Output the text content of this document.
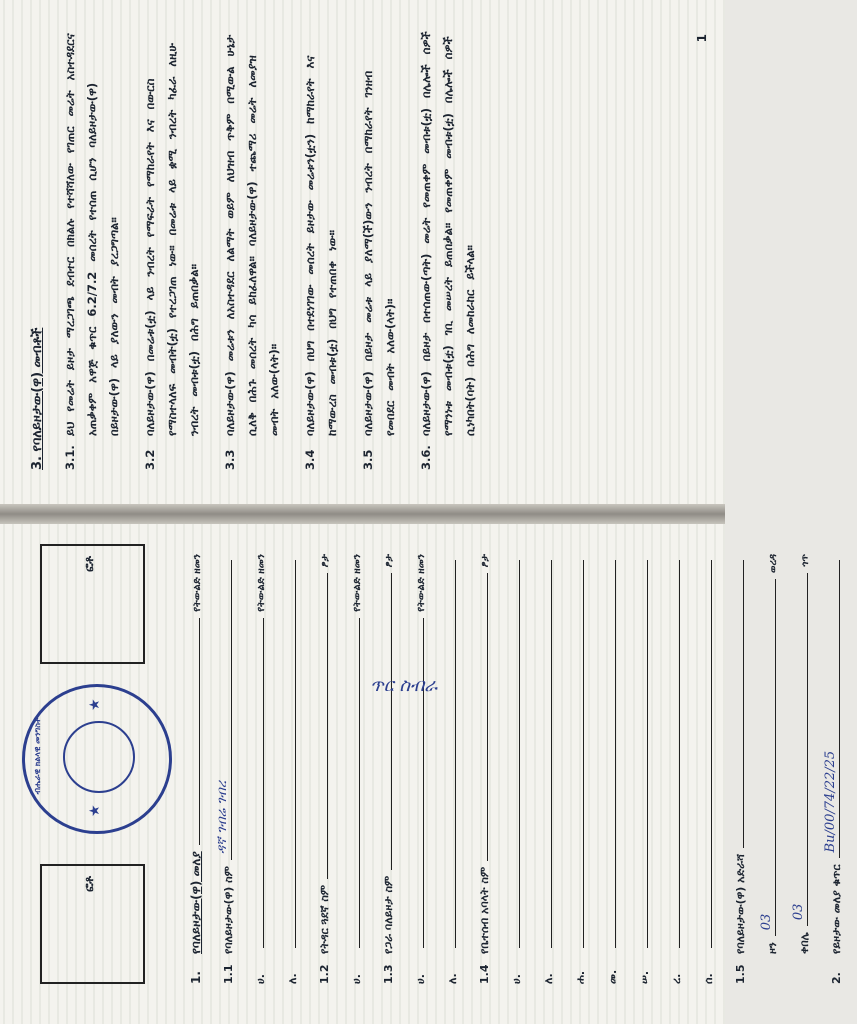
ፎቶ
ብሔራዊ ክልላዊ መንግስት
★
★
ፎቶ
1.
የባለይዞታው(ዋ) መለያ
የትውልድ ዘመን
1.1
የባለይዞታው(ዋ) ስም
ዳኛ ገብሬ ገብረ
ሀ.
የትውልድ ዘመን
ለ. 1.2
የትዳር ጓደኛ ስም
ፆታ
ሀ.
የትውልድ ዘመን
1.3
የጋራ ባለይዞታ ስም
ፆታ
ሀ.
የትውልድ ዘመን
ለ. 1.4
የቤተሰብ አባላት ስም
ፆታ
ሀ. ለ. ሐ. መ. ሠ. ረ. ሰ. 1.5
የባለይዞታው(ዋ) አድራሻ ዞን
03
ወረዳ
ቀበሌ
03
ጎጥ
2.
የይዞታው መለያ ቁጥር
Bu/00/74/22/25
3. የባለይዞታው(ዋ) መብቶች	3.1.
ይህ የመሬት ይዞታ ማረጋገጫ ደብተር በክልሉ የተሻሻለው የገጠር መሬት አስተዳደርና አጠቃቀም አዋጅ ቁጥር 6.2/7.2 መሰረት የተሰጠ ሲሆን ባለይዞታው(ዋ) በይዞታው(ዋ) ላይ ያለውን መብት ያረጋግጣል።
3.2
ባለይዞታው(ዋ) በመሬቱ(ቷ) ላይ ንብረት የማፍራት የማከራየት እና በውርስ የማስተላለፍ መብት(ቷ) የተረጋገጠ ነው። በመሬቱ ላይ ቋሚ ንብረት ካፈራ ለዚሁ ንብረት መብቱ(ቷ) በሕግ ይጠበቃል።
3.3
ባለይዞታው(ዋ) መሬቱን ለአስተዳደር ለልማት ወይም ለህዝብ ጥቅም በሚውል ሁኔታ ሲለቅ በሕጉ መሰረት ካሳ ይከፈለዋል። ባለይዞታው(ዋ) ተጨማሪ መሬት ለመያዝ መብት አለው(ላት)።
3.4
ባለይዞታው(ዋ) በህግ በተደነገገው መሰረት ይዞታው መሬቱን(ቷን) ከማከራየት እና ከማውረስ መብቱ(ቷ) በህግ የተጠበቀ ነው።
3.5
ባለይዞታው(ዋ) በይዞታ መሬቱ ላይ ያለማ(ች)ውን ንብረት በማከራየት ገንዘብ የመበደር መብት አለው(ላት)።
3.6.
ባለይዞታው(ዋ) በይዞታ በተሰጠው(ጣት) መሬት የመጠቀም መብቱ(ቷ) በሌሎች ሰዎች የማንነቱ መብቱ(ቷ) ገቢ መሠረት ይጠበቃል። የመጠቀም መብቱ(ቷ) በሌሎች ሰዎች ሲነካበት(ባት) በሕግ ለመከራከር ይችላል።
1
ጥር ስብራ
